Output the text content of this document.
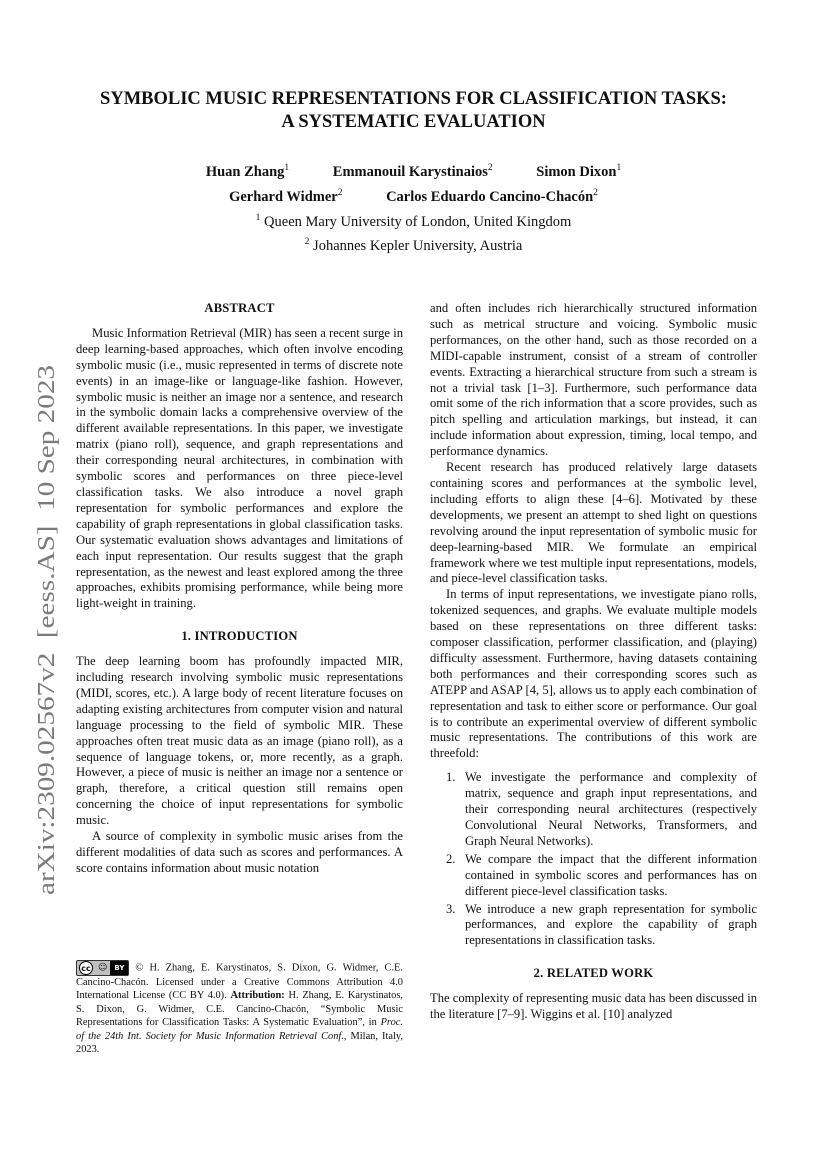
arXiv:2309.02567v2  [eess.AS]  10 Sep 2023
SYMBOLIC MUSIC REPRESENTATIONS FOR CLASSIFICATION TASKS:
A SYSTEMATIC EVALUATION
Huan Zhang$^1$	Emmanouil Karystinaios$^2$	Simon Dixon$^1$
Gerhard Widmer$^2$	Carlos Eduardo Cancino-Chacón$^2$
$^1$ Queen Mary University of London, United Kingdom
$^2$ Johannes Kepler University, Austria
ABSTRACT

Music Information Retrieval (MIR) has seen a recent surge in deep learning-based approaches, which often involve encoding symbolic music (i.e., music represented in terms of discrete note events) in an image-like or language-like fashion. However, symbolic music is neither an image nor a sentence, and research in the symbolic domain lacks a comprehensive overview of the different available representations. In this paper, we investigate matrix (piano roll), sequence, and graph representations and their corresponding neural architectures, in combination with symbolic scores and performances on three piece-level classification tasks. We also introduce a novel graph representation for symbolic performances and explore the capability of graph representations in global classification tasks. Our systematic evaluation shows advantages and limitations of each input representation. Our results suggest that the graph representation, as the newest and least explored among the three approaches, exhibits promising performance, while being more light-weight in training.

1. INTRODUCTION

The deep learning boom has profoundly impacted MIR, including research involving symbolic music representations (MIDI, scores, etc.). A large body of recent literature focuses on adapting existing architectures from computer vision and natural language processing to the field of symbolic MIR. These approaches often treat music data as an image (piano roll), as a sequence of language tokens, or, more recently, as a graph. However, a piece of music is neither an image nor a sentence or graph, therefore, a critical question still remains open concerning the choice of input representations for symbolic music.

A source of complexity in symbolic music arises from the different modalities of data such as scores and performances. A score contains information about music notation

and often includes rich hierarchically structured information such as metrical structure and voicing. Symbolic music performances, on the other hand, such as those recorded on a MIDI-capable instrument, consist of a stream of controller events. Extracting a hierarchical structure from such a stream is not a trivial task [1–3]. Furthermore, such performance data omit some of the rich information that a score provides, such as pitch spelling and articulation markings, but instead, it can include information about expression, timing, local tempo, and performance dynamics.

Recent research has produced relatively large datasets containing scores and performances at the symbolic level, including efforts to align these [4–6]. Motivated by these developments, we present an attempt to shed light on questions revolving around the input representation of symbolic music for deep-learning-based MIR. We formulate an empirical framework where we test multiple input representations, models, and piece-level classification tasks.

In terms of input representations, we investigate piano rolls, tokenized sequences, and graphs. We evaluate multiple models based on these representations on three different tasks: composer classification, performer classification, and (playing) difficulty assessment. Furthermore, having datasets containing both performances and their corresponding scores such as ATEPP and ASAP [4, 5], allows us to apply each combination of representation and task to either score or performance. Our goal is to contribute an experimental overview of different symbolic music representations. The contributions of this work are threefold:

1. We investigate the performance and complexity of matrix, sequence and graph input representations, and their corresponding neural architectures (respectively Convolutional Neural Networks, Transformers, and Graph Neural Networks).
2. We compare the impact that the different information contained in symbolic scores and performances has on different piece-level classification tasks.
3. We introduce a new graph representation for symbolic performances, and explore the capability of graph representations in classification tasks.
2. RELATED WORK

The complexity of representing music data has been discussed in the literature [7–9]. Wiggins et al. [10] analyzed

cc ☺	BY	© H. Zhang, E. Karystinatos, S. Dixon, G. Widmer, C.E. Cancino-Chacón. Licensed under a Creative Commons Attribution 4.0 International License (CC BY 4.0). Attribution: H. Zhang, E. Karystinatos, S. Dixon, G. Widmer, C.E. Cancino-Chacón, “Symbolic Music Representations for Classification Tasks: A Systematic Evaluation”, in Proc. of the 24th Int. Society for Music Information Retrieval Conf., Milan, Italy, 2023.
